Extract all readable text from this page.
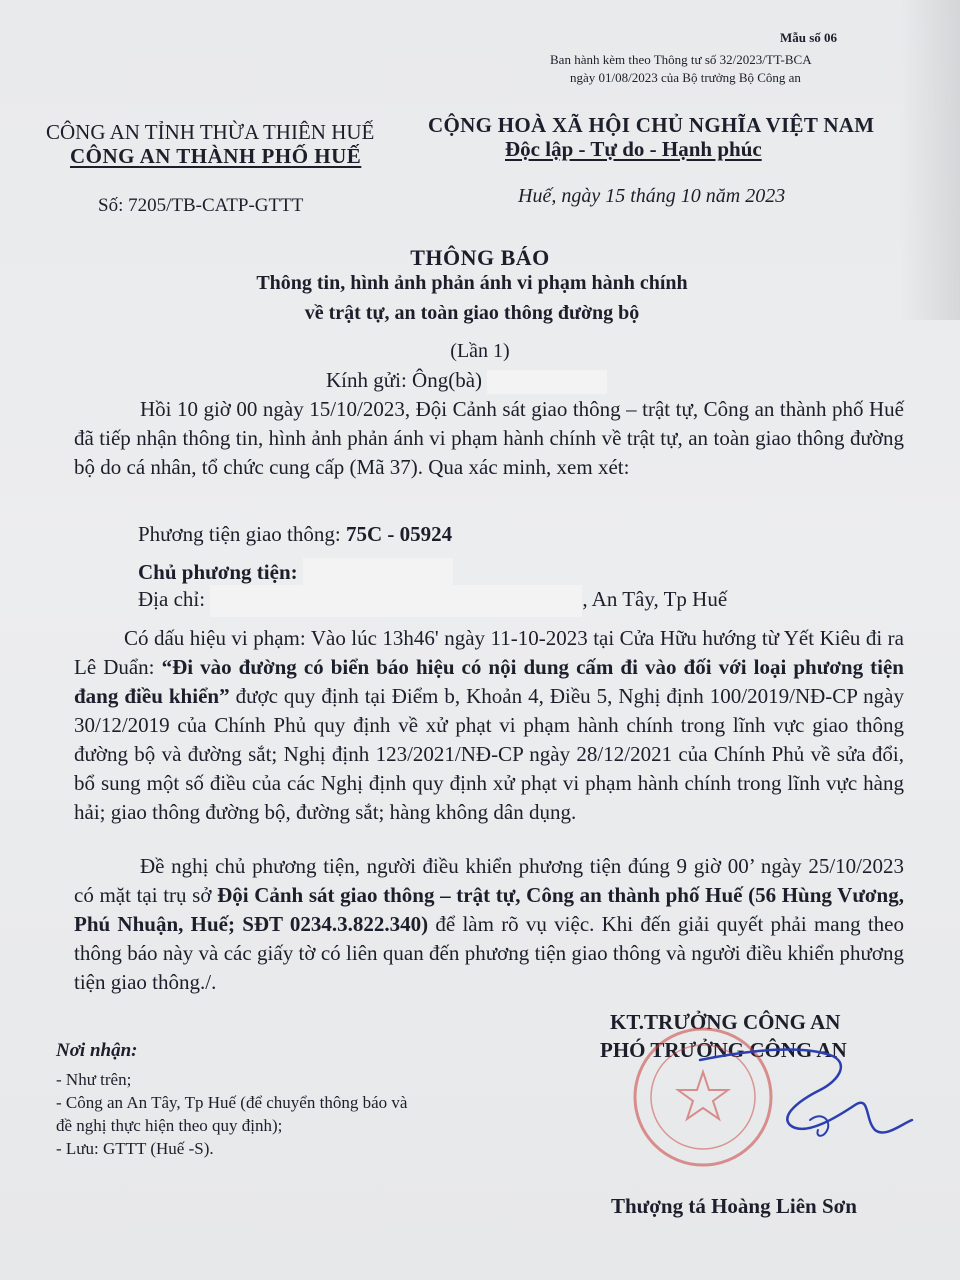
Mẫu số 06
Ban hành kèm theo Thông tư số 32/2023/TT-BCA
ngày 01/08/2023 của Bộ trưởng Bộ Công an
CÔNG AN TỈNH THỪA THIÊN HUẾ
CÔNG AN THÀNH PHỐ HUẾ
Số: 7205/TB-CATP-GTTT
CỘNG HOÀ XÃ HỘI CHỦ NGHĨA VIỆT NAM
Độc lập - Tự do - Hạnh phúc
Huế, ngày 15 tháng 10 năm 2023
THÔNG BÁO
Thông tin, hình ảnh phản ánh vi phạm hành chính
về trật tự, an toàn giao thông đường bộ
(Lần 1)
Kính gửi: Ông(bà)
Hồi 10 giờ 00 ngày 15/10/2023, Đội Cảnh sát giao thông – trật tự, Công an thành phố Huế đã tiếp nhận thông tin, hình ảnh phản ánh vi phạm hành chính về trật tự, an toàn giao thông đường bộ do cá nhân, tổ chức cung cấp (Mã 37). Qua xác minh, xem xét:
Phương tiện giao thông: 75C - 05924
Chủ phương tiện:
Địa chỉ:	, An Tây, Tp Huế
Có dấu hiệu vi phạm: Vào lúc 13h46' ngày 11-10-2023 tại Cửa Hữu hướng từ Yết Kiêu đi ra Lê Duẩn: “Đi vào đường có biển báo hiệu có nội dung cấm đi vào đối với loại phương tiện đang điều khiển” được quy định tại Điểm b, Khoản 4, Điều 5, Nghị định 100/2019/NĐ-CP ngày 30/12/2019 của Chính Phủ quy định về xử phạt vi phạm hành chính trong lĩnh vực giao thông đường bộ và đường sắt; Nghị định 123/2021/NĐ-CP ngày 28/12/2021 của Chính Phủ về sửa đổi, bổ sung một số điều của các Nghị định quy định xử phạt vi phạm hành chính trong lĩnh vực hàng hải; giao thông đường bộ, đường sắt; hàng không dân dụng.
Đề nghị chủ phương tiện, người điều khiển phương tiện đúng 9 giờ 00’ ngày 25/10/2023 có mặt tại trụ sở Đội Cảnh sát giao thông – trật tự, Công an thành phố Huế (56 Hùng Vương, Phú Nhuận, Huế; SĐT 0234.3.822.340) để làm rõ vụ việc. Khi đến giải quyết phải mang theo thông báo này và các giấy tờ có liên quan đến phương tiện giao thông và người điều khiển phương tiện giao thông./.
Nơi nhận:
- Như trên;
- Công an An Tây, Tp Huế (để chuyển thông báo và
đề nghị thực hiện theo quy định);
- Lưu: GTTT (Huế -S).
KT.TRƯỞNG CÔNG AN
PHÓ TRƯỞNG CÔNG AN
Thượng tá Hoàng Liên Sơn
